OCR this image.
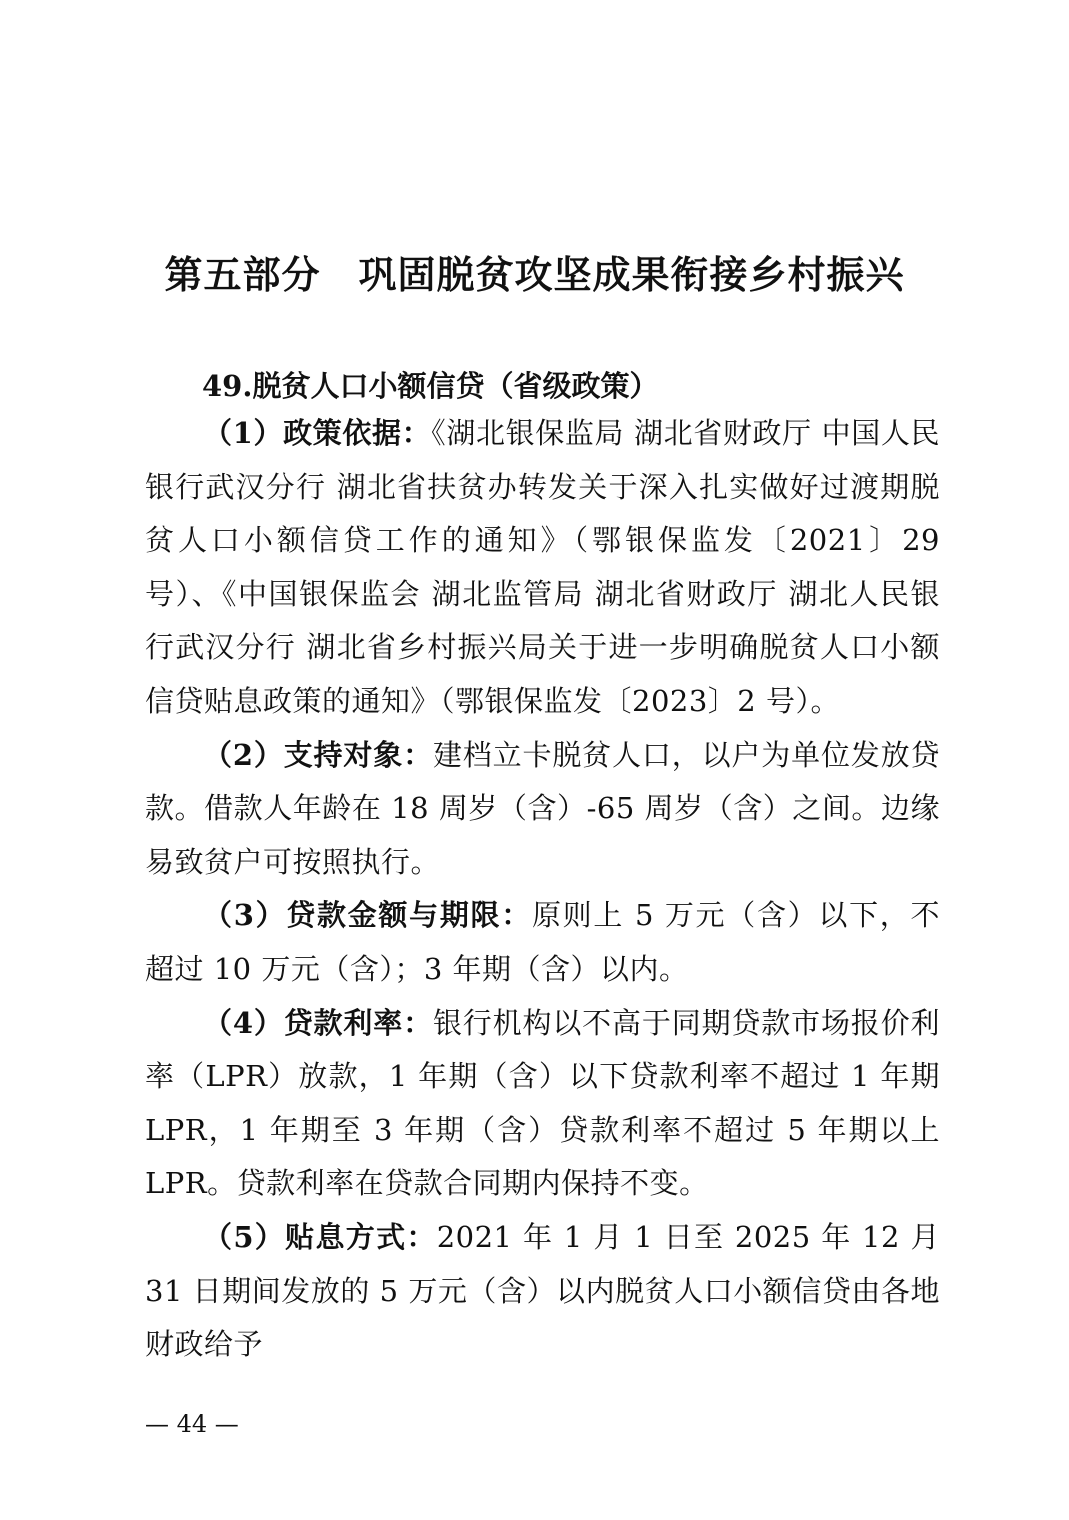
第五部分 巩固脱贫攻坚成果衔接乡村振兴
49.脱贫人口小额信贷（省级政策）

（1）政策依据：《湖北银保监局 湖北省财政厅 中国人民银行武汉分行 湖北省扶贫办转发关于深入扎实做好过渡期脱贫人口小额信贷工作的通知》（鄂银保监发〔2021〕29 号）、《中国银保监会 湖北监管局 湖北省财政厅 湖北人民银行武汉分行 湖北省乡村振兴局关于进一步明确脱贫人口小额信贷贴息政策的通知》（鄂银保监发〔2023〕2 号）。

（2）支持对象：建档立卡脱贫人口，以户为单位发放贷款。借款人年龄在 18 周岁（含）-65 周岁（含）之间。边缘易致贫户可按照执行。

（3）贷款金额与期限：原则上 5 万元（含）以下，不超过 10 万元（含）；3 年期（含）以内。

（4）贷款利率：银行机构以不高于同期贷款市场报价利率（LPR）放款，1 年期（含）以下贷款利率不超过 1 年期 LPR，1 年期至 3 年期（含）贷款利率不超过 5 年期以上 LPR。贷款利率在贷款合同期内保持不变。

（5）贴息方式：2021 年 1 月 1 日至 2025 年 12 月 31 日期间发放的 5 万元（含）以内脱贫人口小额信贷由各地财政给予

— 44 —
